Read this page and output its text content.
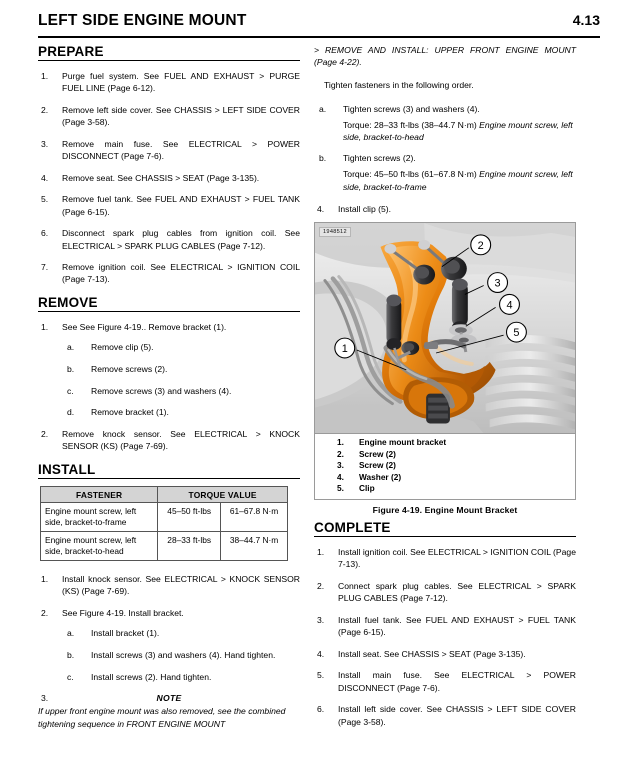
LEFT SIDE ENGINE MOUNT	4.13
PREPARE
1. Purge fuel system. See FUEL AND EXHAUST > PURGE FUEL LINE (Page 6-12).
2. Remove left side cover. See CHASSIS > LEFT SIDE COVER (Page 3-58).
3. Remove main fuse. See ELECTRICAL > POWER DISCONNECT (Page 7-6).
4. Remove seat. See CHASSIS > SEAT (Page 3-135).
5. Remove fuel tank. See FUEL AND EXHAUST > FUEL TANK (Page 6-15).
6. Disconnect spark plug cables from ignition coil. See ELECTRICAL > SPARK PLUG CABLES (Page 7-12).
7. Remove ignition coil. See ELECTRICAL > IGNITION COIL (Page 7-13).
REMOVE
1. See See Figure 4-19.. Remove bracket (1).
a. Remove clip (5).
b. Remove screws (2).
c. Remove screws (3) and washers (4).
d. Remove bracket (1).
2. Remove knock sensor. See ELECTRICAL > KNOCK SENSOR (KS) (Page 7-69).
INSTALL
FASTENER	TORQUE VALUE	
Engine mount screw, left side, bracket-to-frame	45–50 ft-lbs	61–67.8 N·m
Engine mount screw, left side, bracket-to-head	28–33 ft-lbs	38–44.7 N·m
1. Install knock sensor. See ELECTRICAL > KNOCK SENSOR (KS) (Page 7-69).
2. See Figure 4-19. Install bracket.
a. Install bracket (1).
b. Install screws (3) and washers (4). Hand tighten.
c. Install screws (2). Hand tighten.
3.	NOTE
If upper front engine mount was also removed, see the combined tightening sequence in FRONT ENGINE MOUNT
> REMOVE AND INSTALL: UPPER FRONT ENGINE MOUNT (Page 4-22).
Tighten fasteners in the following order.
a. Tighten screws (3) and washers (4).
Torque: 28–33 ft-lbs (38–44.7 N·m) Engine mount screw, left side, bracket-to-head
b. Tighten screws (2).
Torque: 45–50 ft-lbs (61–67.8 N·m) Engine mount screw, left side, bracket-to-frame
4. Install clip (5).
1948512
1
2
3
4
5
1.	Engine mount bracket
2.	Screw (2)
3.	Screw (2)
4.	Washer (2)
5.	Clip
Figure 4-19. Engine Mount Bracket
COMPLETE
1. Install ignition coil. See ELECTRICAL > IGNITION COIL (Page 7-13).
2. Connect spark plug cables. See ELECTRICAL > SPARK PLUG CABLES (Page 7-12).
3. Install fuel tank. See FUEL AND EXHAUST > FUEL TANK (Page 6-15).
4. Install seat. See CHASSIS > SEAT (Page 3-135).
5. Install main fuse. See ELECTRICAL > POWER DISCONNECT (Page 7-6).
6. Install left side cover. See CHASSIS > LEFT SIDE COVER (Page 3-58).
